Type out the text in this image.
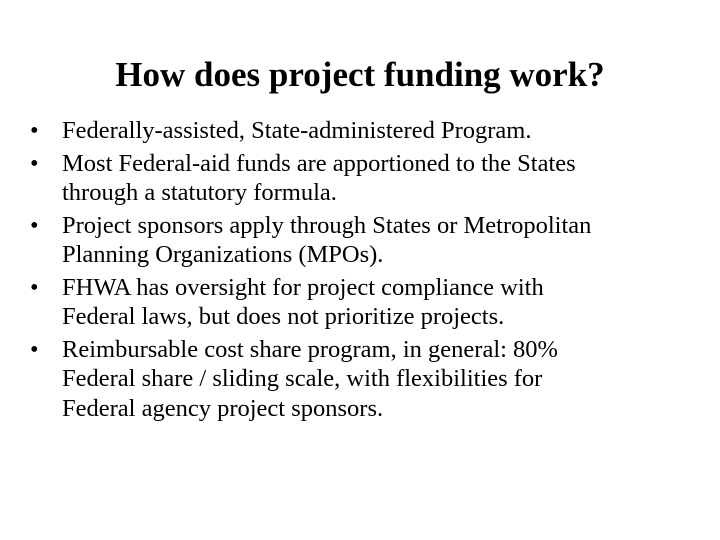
How does project funding work?
• Federally-assisted, State-administered Program.
• Most Federal-aid funds are apportioned to the States
through a statutory formula.
• Project sponsors apply through States or Metropolitan
Planning Organizations (MPOs).
• FHWA has oversight for project compliance with
Federal laws, but does not prioritize projects.
• Reimbursable cost share program, in general: 80%
Federal share / sliding scale, with flexibilities for
Federal agency project sponsors.
